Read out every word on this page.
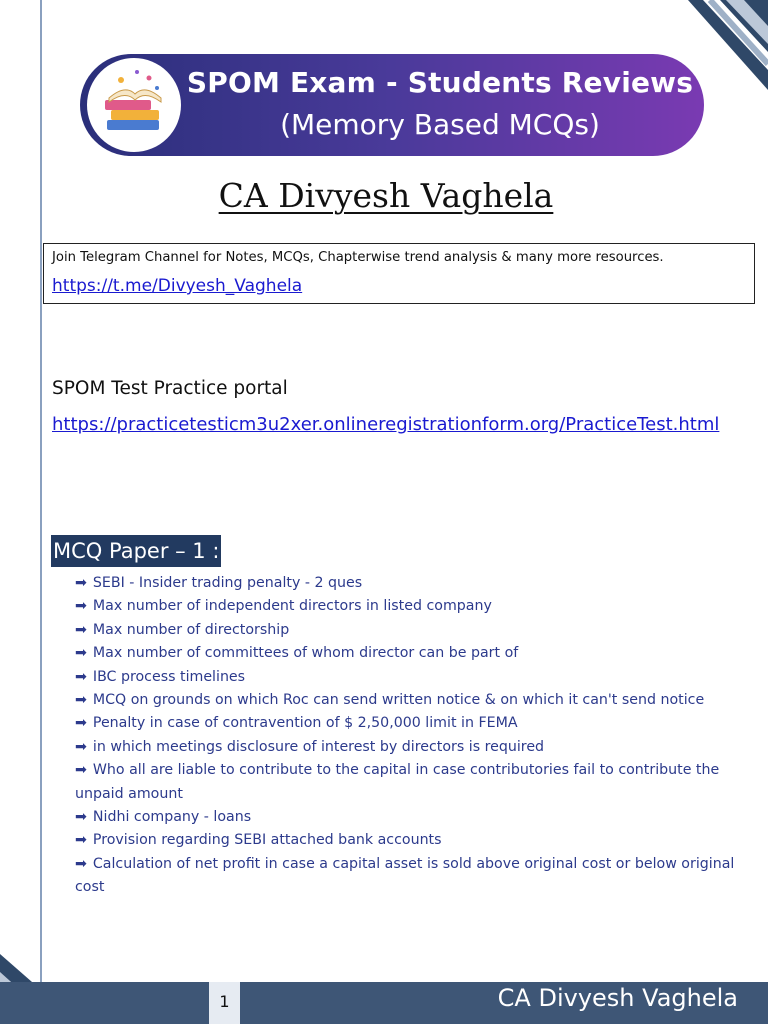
SPOM Exam - Students Reviews
(Memory Based MCQs)
CA Divyesh Vaghela
Join Telegram Channel for Notes, MCQs, Chapterwise trend analysis & many more resources.
https://t.me/Divyesh_Vaghela
SPOM Test Practice portal
https://practicetesticm3u2xer.onlineregistrationform.org/PracticeTest.html
MCQ Paper – 1 :
➡ SEBI - Insider trading penalty - 2 ques
➡ Max number of independent directors in listed company
➡ Max number of directorship
➡ Max number of committees of whom director can be part of
➡ IBC process timelines
➡ MCQ on grounds on which Roc can send written notice & on which it can't send notice
➡ Penalty in case of contravention of $ 2,50,000 limit in FEMA
➡ in which meetings disclosure of interest by directors is required
➡ Who all are liable to contribute to the capital in case contributories fail to contribute the unpaid amount
➡ Nidhi company - loans
➡ Provision regarding SEBI attached bank accounts
➡ Calculation of net profit in case a capital asset is sold above original cost or below original cost
1	CA Divyesh Vaghela
